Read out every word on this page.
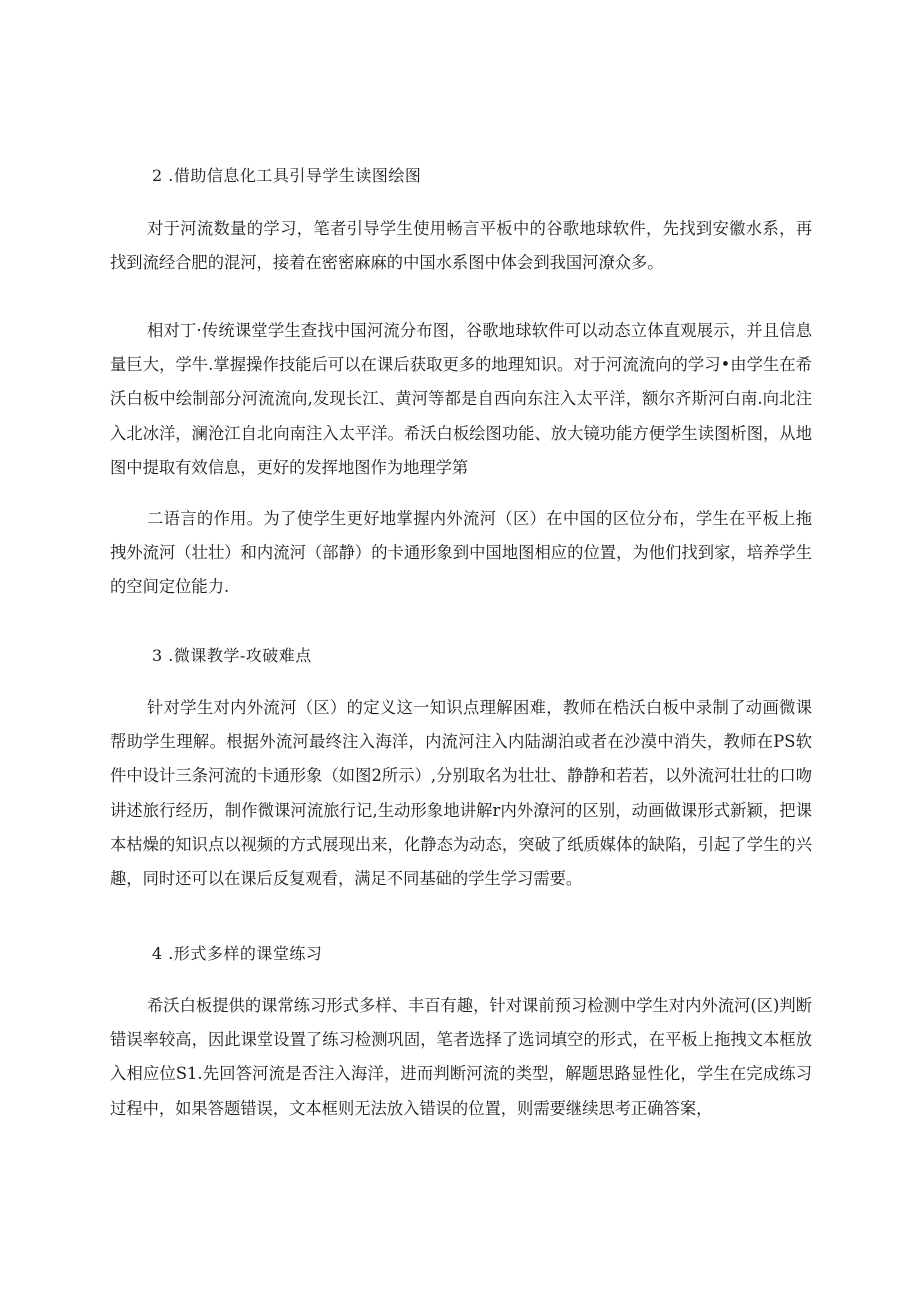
2 .借助信息化工具引导学生读图绘图

对于河流数量的学习，笔者引导学生使用畅言平板中的谷歌地球软件，先找到安徽水系，再找到流经合肥的混河，接着在密密麻麻的中国水系图中体会到我国河潦众多。

相对丁·传统课堂学生查找中国河流分布图，谷歌地球软件可以动态立体直观展示，并且信息量巨大，学牛.掌握操作技能后可以在课后获取更多的地理知识。对于河流流向的学习•由学生在希沃白板中绘制部分河流流向,发现长江、黄河等都是自西向东注入太平洋，额尔齐斯河白南.向北注入北冰洋，澜沧江自北向南注入太平洋。希沃白板绘图功能、放大镜功能方便学生读图析图，从地图中提取有效信息，更好的发挥地图作为地理学第

二语言的作用。为了使学生更好地掌握内外流河（区）在中国的区位分布，学生在平板上拖拽外流河（壮壮）和内流河（部静）的卡通形象到中国地图相应的位置，为他们找到家，培养学生的空间定位能力.

3 .微课教学-攻破难点

针对学生对内外流河（区）的定义这一知识点理解困难，教师在梏沃白板中录制了动画微课帮助学生理解。根据外流河最终注入海洋，内流河注入内陆湖泊或者在沙漠中消失，教师在PS软件中设计三条河流的卡通形象（如图2所示）,分别取名为壮壮、静静和若若，以外流河壮壮的口吻讲述旅行经历，制作微课河流旅行记,生动形象地讲解r内外潦河的区别，动画做课形式新颖，把课本枯燥的知识点以视频的方式展现出来，化静态为动态，突破了纸质媒体的缺陷，引起了学生的兴趣，同时还可以在课后反复观看，满足不同基础的学生学习需要。

4 .形式多样的课堂练习

希沃白板提供的课常练习形式多样、丰百有趣，针对课前预习检测中学生对内外流河(区)判断错误率较高，因此课堂设置了练习检测巩固，笔者选择了选词填空的形式，在平板上拖拽文本框放入相应位S1.先回答河流是否注入海洋，进而判断河流的类型，解题思路显性化，学生在完成练习过程中，如果答题错误，文本框则无法放入错误的位置，则需要继续思考正确答案，
